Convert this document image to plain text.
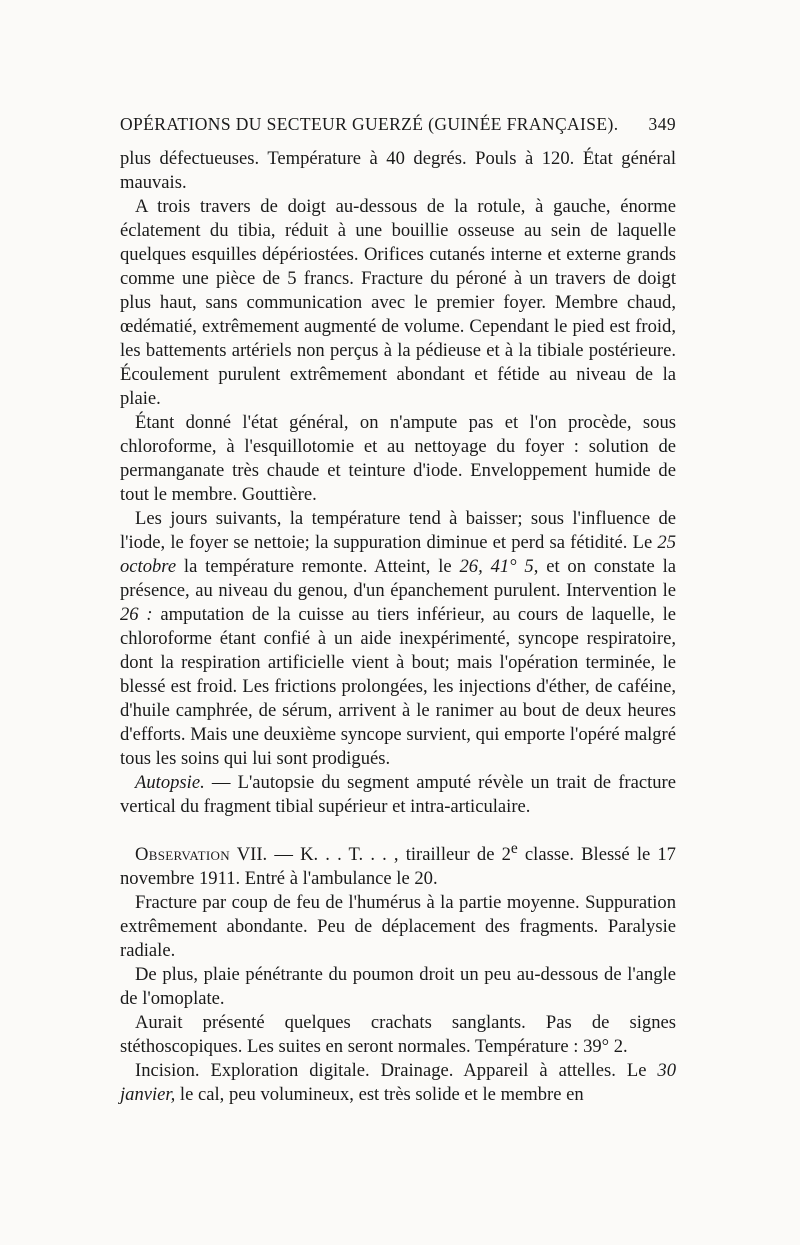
OPÉRATIONS DU SECTEUR GUERZÉ (GUINÉE FRANÇAISE). 349

plus défectueuses. Température à 40 degrés. Pouls à 120. État général mauvais.

A trois travers de doigt au-dessous de la rotule, à gauche, énorme éclatement du tibia, réduit à une bouillie osseuse au sein de laquelle quelques esquilles dépériostées. Orifices cutanés interne et externe grands comme une pièce de 5 francs. Fracture du péroné à un travers de doigt plus haut, sans communication avec le premier foyer. Membre chaud, œdématié, extrêmement augmenté de volume. Cependant le pied est froid, les battements artériels non perçus à la pédieuse et à la tibiale postérieure. Écoulement purulent extrêmement abondant et fétide au niveau de la plaie.

Étant donné l'état général, on n'ampute pas et l'on procède, sous chloroforme, à l'esquillotomie et au nettoyage du foyer : solution de permanganate très chaude et teinture d'iode. Enveloppement humide de tout le membre. Gouttière.

Les jours suivants, la température tend à baisser; sous l'influence de l'iode, le foyer se nettoie; la suppuration diminue et perd sa fétidité. Le 25 octobre la température remonte. Atteint, le 26, 41° 5, et on constate la présence, au niveau du genou, d'un épanchement purulent. Intervention le 26 : amputation de la cuisse au tiers inférieur, au cours de laquelle, le chloroforme étant confié à un aide inexpérimenté, syncope respiratoire, dont la respiration artificielle vient à bout; mais l'opération terminée, le blessé est froid. Les frictions prolongées, les injections d'éther, de caféine, d'huile camphrée, de sérum, arrivent à le ranimer au bout de deux heures d'efforts. Mais une deuxième syncope survient, qui emporte l'opéré malgré tous les soins qui lui sont prodigués.

Autopsie. — L'autopsie du segment amputé révèle un trait de fracture vertical du fragment tibial supérieur et intra-articulaire.

Observation VII. — K. . . T. . . , tirailleur de 2e classe. Blessé le 17 novembre 1911. Entré à l'ambulance le 20.

Fracture par coup de feu de l'humérus à la partie moyenne. Suppuration extrêmement abondante. Peu de déplacement des fragments. Paralysie radiale.

De plus, plaie pénétrante du poumon droit un peu au-dessous de l'angle de l'omoplate.

Aurait présenté quelques crachats sanglants. Pas de signes stéthoscopiques. Les suites en seront normales. Température : 39° 2.

Incision. Exploration digitale. Drainage. Appareil à attelles. Le 30 janvier, le cal, peu volumineux, est très solide et le membre en
